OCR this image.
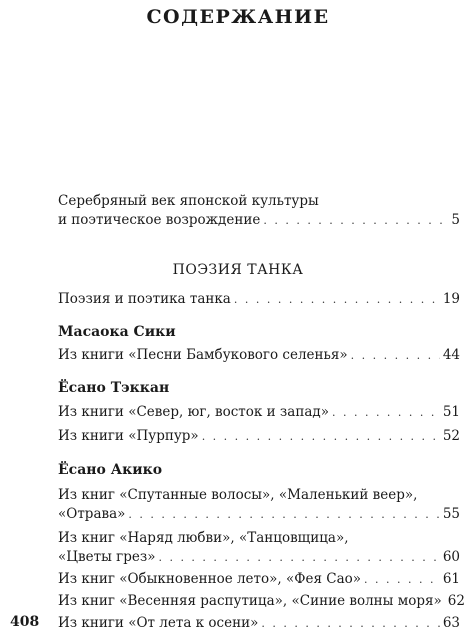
СОДЕРЖАНИЕ
Серебряный век японской культуры
и поэтическое возрождение . . .	5
ПОЭЗИЯ ТАНКА
Поэзия и поэтика танка . . .	19
Масаока Сики
Из книги «Песни Бамбукового селенья» . . .	44
Ёсано Тэккан
Из книги «Север, юг, восток и запад» . . .	51
Из книги «Пурпур» . . .	52
Ёсано Акико
Из книг «Спутанные волосы», «Маленький веер»,
«Отрава» . . .	55
Из книг «Наряд любви», «Танцовщица»,
«Цветы грез» . . .	60
Из книг «Обыкновенное лето», «Фея Сао» . . .	61
Из книг «Весенняя распутица», «Синие волны моря» 62
Из книги «От лета к осени» . . .	63
408
